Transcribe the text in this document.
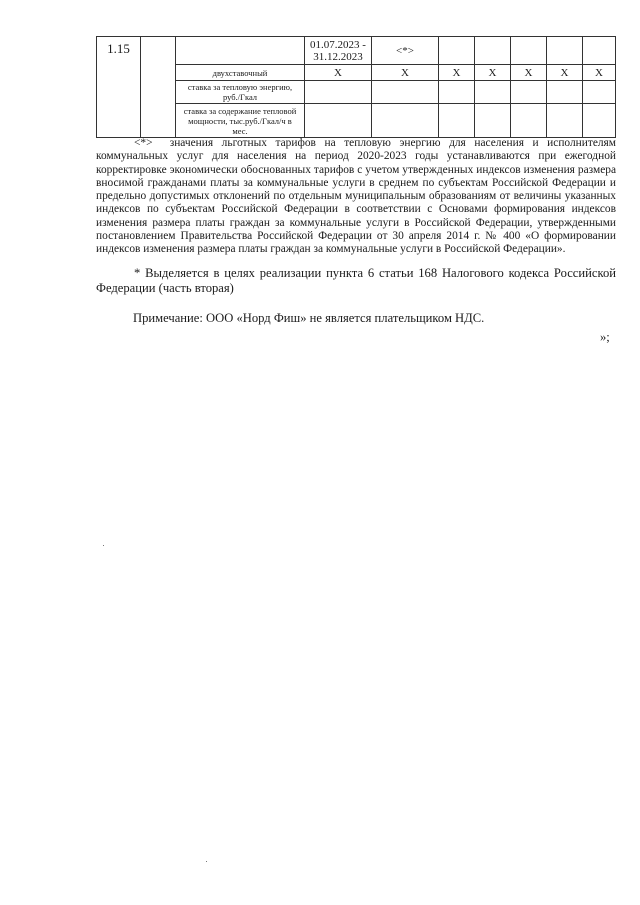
1.15			01.07.2023 -
31.12.2023	<*>					
		двухставочный	X	X	X	X	X	X	X
		ставка за тепловую энергию, руб./Гкал							
		ставка за содержание тепловой мощности, тыс.руб./Гкал/ч в мес.							

<*> значения льготных тарифов на тепловую энергию для населения и исполнителям коммунальных услуг для населения на период 2020-2023 годы устанавливаются при ежегодной корректировке экономически обоснованных тарифов с учетом утвержденных индексов изменения размера вносимой гражданами платы за коммунальные услуги в среднем по субъектам Российской Федерации и предельно допустимых отклонений по отдельным муниципальным образованиям от величины указанных индексов по субъектам Российской Федерации в соответствии с Основами формирования индексов изменения размера платы граждан за коммунальные услуги в Российской Федерации, утвержденными постановлением Правительства Российской Федерации от 30 апреля 2014 г. № 400 «О формировании индексов изменения размера платы граждан за коммунальные услуги в Российской Федерации».

* Выделяется в целях реализации пункта 6 статьи 168 Налогового кодекса Российской Федерации (часть вторая)

Примечание: ООО «Норд Фиш» не является плательщиком НДС.
»;
